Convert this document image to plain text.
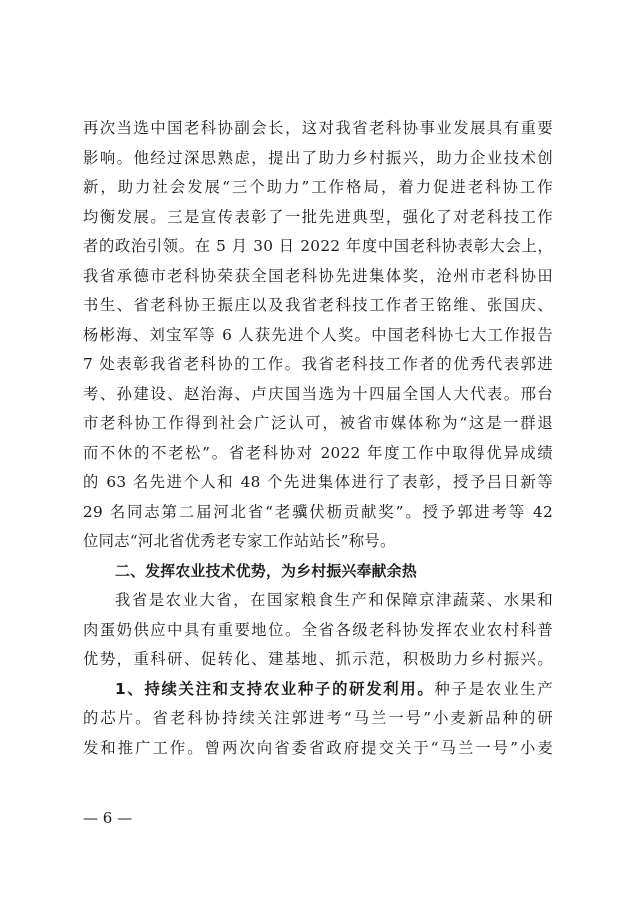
再次当选中国老科协副会长，这对我省老科协事业发展具有重要
影响。他经过深思熟虑，提出了助力乡村振兴，助力企业技术创
新，助力社会发展“三个助力”工作格局，着力促进老科协工作
均衡发展。三是宣传表彰了一批先进典型，强化了对老科技工作
者的政治引领。在 5 月 30 日 2022 年度中国老科协表彰大会上，
我省承德市老科协荣获全国老科协先进集体奖，沧州市老科协田
书生、省老科协王振庄以及我省老科技工作者王铭维、张国庆、
杨彬海、刘宝军等 6 人获先进个人奖。中国老科协七大工作报告
7 处表彰我省老科协的工作。我省老科技工作者的优秀代表郭进
考、孙建设、赵治海、卢庆国当选为十四届全国人大代表。邢台
市老科协工作得到社会广泛认可，被省市媒体称为“这是一群退
而不休的不老松”。省老科协对 2022 年度工作中取得优异成绩
的 63 名先进个人和 48 个先进集体进行了表彰，授予吕日新等
29 名同志第二届河北省“老骥伏枥贡献奖”。授予郭进考等 42
位同志“河北省优秀老专家工作站站长”称号。
二、发挥农业技术优势，为乡村振兴奉献余热
我省是农业大省，在国家粮食生产和保障京津蔬菜、水果和
肉蛋奶供应中具有重要地位。全省各级老科协发挥农业农村科普
优势，重科研、促转化、建基地、抓示范，积极助力乡村振兴。
1、持续关注和支持农业种子的研发利用。种子是农业生产
的芯片。省老科协持续关注郭进考“马兰一号”小麦新品种的研
发和推广工作。曾两次向省委省政府提交关于“马兰一号”小麦
— 6 —
